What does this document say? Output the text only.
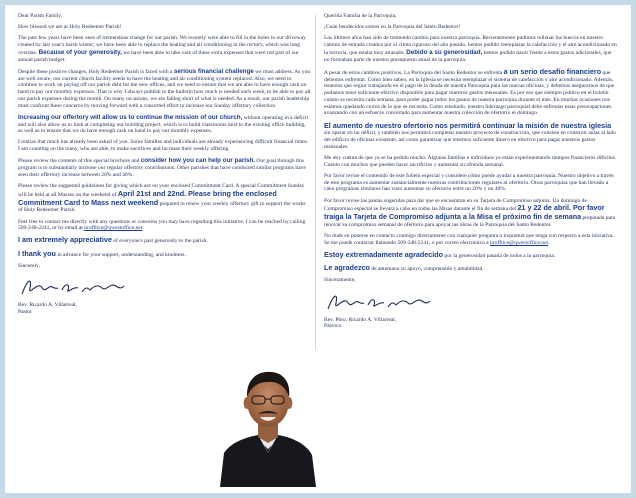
Dear Parish Family,

How blessed we are at Holy Redeemer Parish!

The past few years have been ones of tremendous change for our parish. We recently were able to fill in the holes in our driveway created by last year's harsh winter; we have been able to replace the heating and air conditioning in the rectory, which was long overdue. Because of your generosity, we have been able to take care of these extra expenses that were not part of our annual parish budget.

Despite these positive changes, Holy Redeemer Parish is faced with a serious financial challenge we must address. As you are well aware, our current church facility needs to have the heating and air conditioning system replaced. Also, we need to continue to work on paying off our parish debt for the new offices, and we need to ensure that we are able to have enough cash on hand to pay our monthly expenses. That is why I always publish in the bulletin how much is needed each week, to be able to pay all our parish expenses during the month. On many occasions, we are falling short of what is needed. As a result, our parish leadership must confront these concerns by moving forward with a concerted effort to increase our Sunday offertory collection.

Increasing our offertory will allow us to continue the mission of our church, without operating in a deficit and will also allow us to look at completing our building project, which is to build classrooms next to the existing office building, as well as to ensure that we do have enough cash on hand to pay our monthly expenses.

I realize that much has already been asked of you. Some families and individuals are already experiencing difficult financial times. I am counting on the many, who are able, to make sacrifices and increase their weekly offering.

Please review the contents of this special brochure and consider how you can help our parish. Our goal through this program is to substantially increase our regular offertory contributions. Other parishes that have conducted similar programs have seen their offertory increase between 20% and 40%.

Please review the suggested guidelines for giving which are on your enclosed Commitment Card. A special Commitment Sunday will be held at all Masses on the weekend of April 21st and 22nd. Please bring the enclosed Commitment Card to Mass next weekend prepared to renew your weekly offertory gift to support the works of Holy Redeemer Parish.

Feel free to contact me directly with any questions or concerns you may have regarding this initiative. I can be reached by calling 509-248-2241, or by email at hrofftice@qwestoffice.net.

I am extremely appreciative of everyone's past generosity to the parish.

I thank you in advance for your support, understanding, and kindness.

Sincerely,

Rev. Ricardo A. Villarreal,

Pastor

Querida Familia de la Parroquia,

¡Cuán bendecidos somos en la Parroquia del Santo Redentor!

Los últimos años han sido de tremendo cambio para nuestra parroquia. Recientemente pudimos rellenar los huecos en nuestro camino de entrada creados por el clima riguroso del año pasado, hemos podido reemplazar la calefacción y el aire acondicionado en la rectoría, que estaba muy atrasado. Debido a su generosidad, hemos podido hacer frente a estos gastos adicionales, que no formaban parte de nuestro presupuesto anual de la parroquia.

A pesar de estos cambios positivos, La Parroquia del Santo Redentor se enfrenta a un serio desafío financiero que debemos enfrentar. Como bien saben, en la Iglesia se necesita reemplazar el sistema de calefacción y aire acondicionado. Además, tenemos que seguir trabajando en el pago de la deuda de nuestra Parroquia para las nuevas oficinas, y debemos asegurarnos de que podamos tener suficiente efectivo disponible para pagar nuestros gastos mensuales. Es por eso que siempre publico en el boletín cuánto se necesita cada semana, para poder pagar todos los gastos de nuestra parroquia durante el mes. En muchas ocasiones nos estamos quedando cortos de lo que se necesita. Como resultado, nuestro liderazgo parroquial debe enfrentar estas preocupaciones avanzando con un esfuerzo concertado para aumentar nuestra colección de ofertorio el domingo.

El aumento de nuestro ofertorio nos permitirá continuar la misión de nuestra iglesia sin operar en un déficit, y también nos permitirá completar nuestro proyecto de construcción, que consiste en construir aulas al lado del edificio de oficinas existente, así como garantizar que tenemos suficiente dinero en efectivo para pagar nuestros gastos mensuales.

Me doy cuenta de que ya se ha pedido mucho. Algunas familias e individuos ya están experimentando tiempos financieros difíciles. Cuento con muchos que pueden hacer sacrificios y aumentar su ofrenda semanal.

Por favor revise el contenido de este folleto especial y considere cómo puede ayudar a nuestra parroquia. Nuestro objetivo a través de este programa es aumentar sustancialmente nuestras contribuciones regulares al ofertorio. Otras parroquias que han llevado a cabo programas similares han visto aumentar su ofertorio entre un 20% y un 40%.

Por favor revise las pautas sugeridas para dar que se encuentran en su Tarjeta de Compromiso adjunta. Un domingo de Compromiso especial se llevará a cabo en todas las Misas durante el fin de semana del 21 y 22 de abril. Por favor traiga la Tarjeta de Compromiso adjunta a la Misa el próximo fin de semana preparada para renovar su compromiso semanal de ofertorio para apoyar las obras de la Parroquia del Santo Redentor.

No dude en ponerse en contacto conmigo directamente con cualquier pregunta o inquietud que tenga con respecto a esta iniciativa. Se me puede contactar llamando 509-248-2241, o por correo electrónico a hrofftice@qwestoffice.net.

Estoy extremadamente agradecido por la generosidad pasada de todos a la parroquia.

Le agradezco de antemano su apoyo, comprensión y amabilidad.

Sinceramente,

Rev. Pbro. Ricardo A. Villarreal,

Párroco
